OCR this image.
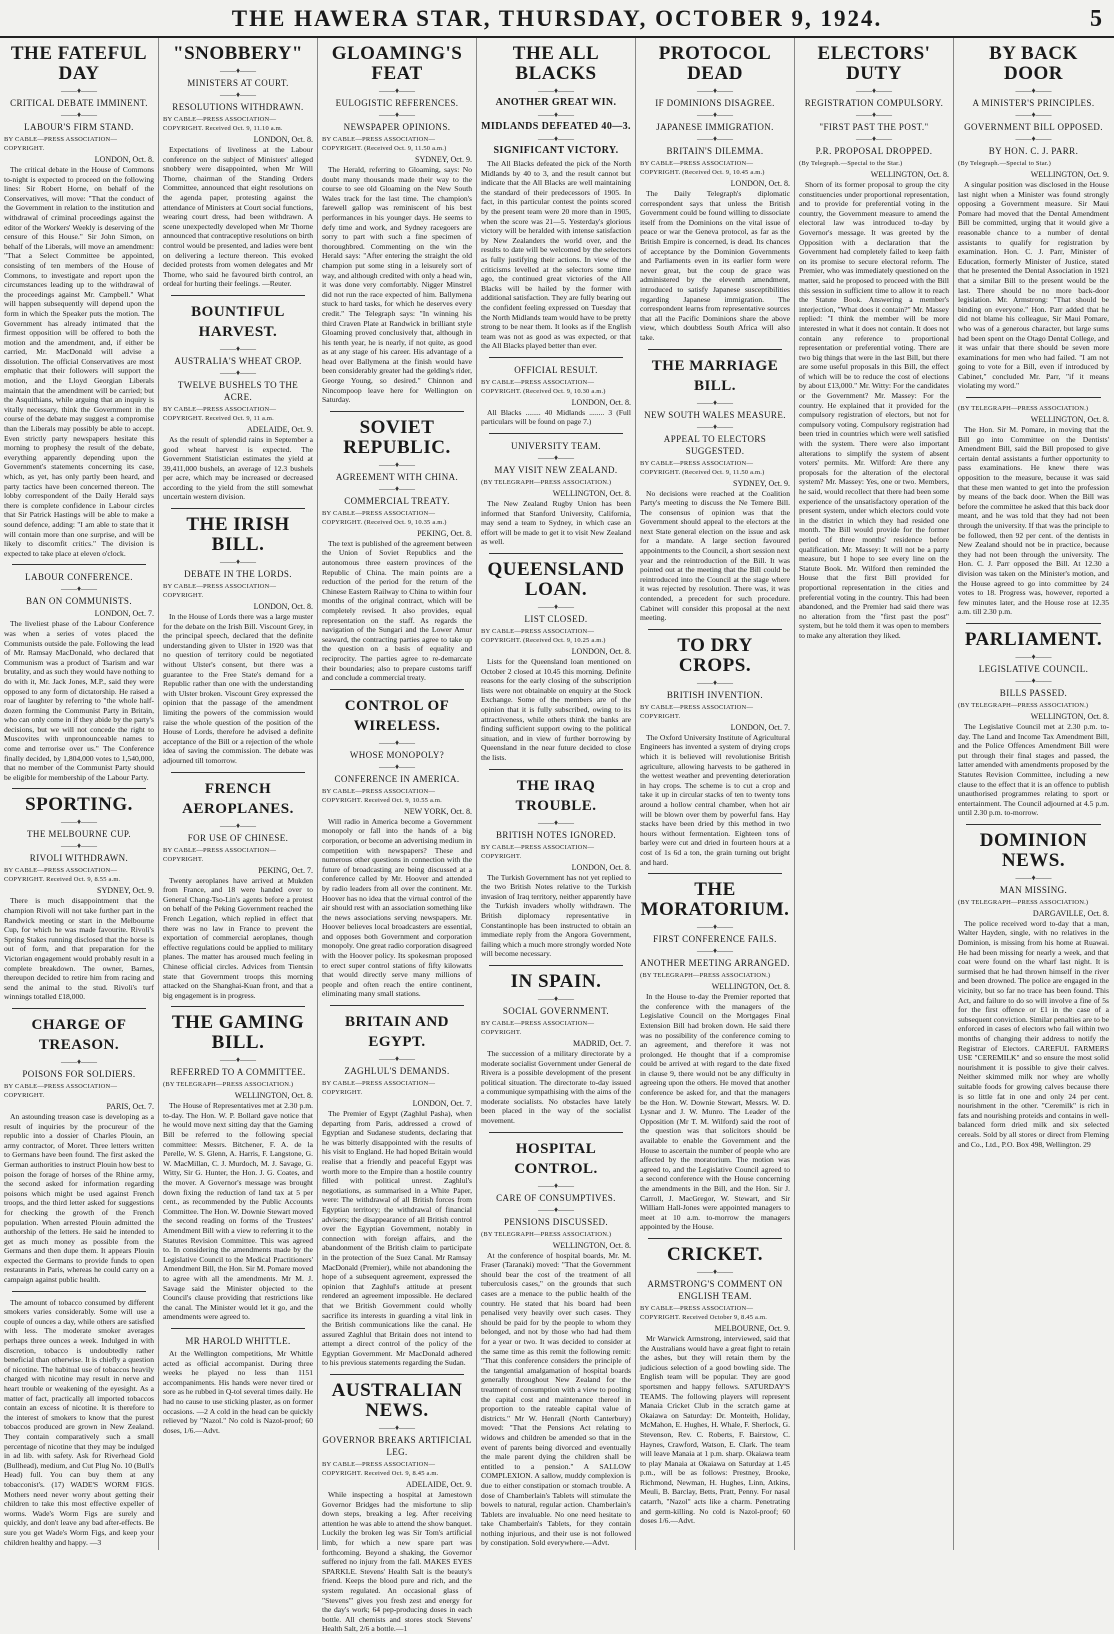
THE HAWERA STAR, THURSDAY, OCTOBER 9, 1924.	5
THE FATEFUL DAY
——♦——
CRITICAL DEBATE IMMINENT.
——♦——
LABOUR'S FIRM STAND.
BY CABLE—PRESS ASSOCIATION—COPYRIGHT.
LONDON, Oct. 8.
The critical debate in the House of Commons to-night is expected to proceed on the following lines: Sir Robert Horne, on behalf of the Conservatives, will move: "That the conduct of the Government in relation to the institution and withdrawal of criminal proceedings against the editor of the Workers' Weekly is deserving of the censure of this House." Sir John Simon, on behalf of the Liberals, will move an amendment: "That a Select Committee be appointed, consisting of ten members of the House of Commons, to investigate and report upon the circumstances leading up to the withdrawal of the proceedings against Mr. Campbell." What will happen subsequently will depend upon the form in which the Speaker puts the motion. The Government has already intimated that the firmest opposition will be offered to both the motion and the amendment, and, if either be carried, Mr. MacDonald will advise a dissolution. The official Conservatives are most emphatic that their followers will support the motion, and the Lloyd Georgian Liberals maintain that the amendment will be carried; but the Asquithians, while arguing that an inquiry is vitally necessary, think the Government in the course of the debate may suggest a compromise than the Liberals may possibly be able to accept. Even strictly party newspapers hesitate this morning to prophesy the result of the debate, everything apparently depending upon the Government's statements concerning its case, which, as yet, has only partly been heard, and party tactics have been concerned thereon. The lobby correspondent of the Daily Herald says there is complete confidence in Labour circles that Sir Patrick Hastings will be able to make a sound defence, adding: "I am able to state that it will contain more than one surprise, and will be likely to discomfit critics." The division is expected to take place at eleven o'clock.
LABOUR CONFERENCE.
——♦——
BAN ON COMMUNISTS.
LONDON, Oct. 7.
The liveliest phase of the Labour Conference was when a series of votes placed the Communists outside the pale. Following the lead of Mr. Ramsay MacDonald, who declared that Communism was a product of Tsarism and war brutality, and as such they would have nothing to do with it, Mr. Jack Jones, M.P., said they were opposed to any form of dictatorship. He raised a roar of laughter by referring to "the whole half-dozen forming the Communist Party in Britain, who can only come in if they abide by the party's decisions, but we will not concede the right to Muscovites with unpronounceable names to come and terrorise over us." The Conference finally decided, by 1,804,000 votes to 1,540,000, that no member of the Communist Party should be eligible for membership of the Labour Party.
SPORTING.
——♦——
THE MELBOURNE CUP.
——♦——
RIVOLI WITHDRAWN.
BY CABLE—PRESS ASSOCIATION—COPYRIGHT. Received Oct. 9, 8.55 a.m.
SYDNEY, Oct. 9.
There is much disappointment that the champion Rivoli will not take further part in the Randwick meeting or start in the Melbourne Cup, for which he was made favourite. Rivoli's Spring Stakes running disclosed that the horse is out of form, and that preparation for the Victorian engagement would probably result in a complete breakdown. The owner, Barnes, thereupon decided to retire him from racing and send the animal to the stud. Rivoli's turf winnings totalled £18,000.
CHARGE OF TREASON.
——♦——
POISONS FOR SOLDIERS.
BY CABLE—PRESS ASSOCIATION—COPYRIGHT.
PARIS, Oct. 7.
An astounding treason case is developing as a result of inquiries by the procureur of the republic into a dossier of Charles Plouin, an army contractor, of Moret. Three letters written to Germans have been found. The first asked the German authorities to instruct Plouin how best to poison the forage of horses of the Rhine army, the second asked for information regarding poisons which might be used against French troops, and the third letter asked for suggestions for checking the growth of the French population. When arrested Plouin admitted the authorship of the letters. He said he intended to get as much money as possible from the Germans and then dupe them. It appears Plouin expected the Germans to provide funds to open restaurants in Paris, whereas he could carry on a campaign against public health.
The amount of tobacco consumed by different smokers varies considerably. Some will use a couple of ounces a day, while others are satisfied with less. The moderate smoker averages perhaps three ounces a week. Indulged in with discretion, tobacco is undoubtedly rather beneficial than otherwise. It is chiefly a question of nicotine. The habitual use of tobaccos heavily charged with nicotine may result in nerve and heart trouble or weakening of the eyesight. As a matter of fact, practically all imported tobaccos contain an excess of nicotine. It is therefore to the interest of smokers to know that the purest tobaccos produced are grown in New Zealand. They contain comparatively such a small percentage of nicotine that they may be indulged in ad lib. with safety. Ask for Riverhead Gold (Bullhead), medium, and Cut Plug No. 10 (Bull's Head) full. You can buy them at any tobacconist's. (17) WADE'S WORM FIGS. Mothers need never worry about getting their children to take this most effective expeller of worms. Wade's Worm Figs are surely and quickly, and don't leave any bad after-effects. Be sure you get Wade's Worm Figs, and keep your children healthy and happy. —3
"SNOBBERY"
——♦——
MINISTERS AT COURT.
——♦——
RESOLUTIONS WITHDRAWN.
BY CABLE—PRESS ASSOCIATION—COPYRIGHT. Received Oct. 9, 11.10 a.m.
LONDON, Oct. 8.
Expectations of liveliness at the Labour conference on the subject of Ministers' alleged snobbery were disappointed, when Mr Will Thorne, chairman of the Standing Orders Committee, announced that eight resolutions on the agenda paper, protesting against the attendance of Ministers at Court social functions, wearing court dress, had been withdrawn. A scene unexpectedly developed when Mr Thorne announced that contraceptive resolutions on birth control would be presented, and ladies were bent on delivering a lecture thereon. This evoked decided protests from women delegates and Mr Thorne, who said he favoured birth control, an ordeal for hurting their feelings. —Reuter.
BOUNTIFUL HARVEST.
——♦——
AUSTRALIA'S WHEAT CROP.
——♦——
TWELVE BUSHELS TO THE ACRE.
BY CABLE—PRESS ASSOCIATION—COPYRIGHT. Received Oct. 9, 11 a.m.
ADELAIDE, Oct. 9.
As the result of splendid rains in September a good wheat harvest is expected. The Government Statistician estimates the yield at 39,411,000 bushels, an average of 12.3 bushels per acre, which may be increased or decreased according to the yield from the still somewhat uncertain western division.
THE IRISH BILL.
——♦——
DEBATE IN THE LORDS.
BY CABLE—PRESS ASSOCIATION—COPYRIGHT.
LONDON, Oct. 8.
In the House of Lords there was a large muster for the debate on the Irish Bill. Viscount Grey, in the principal speech, declared that the definite understanding given to Ulster in 1920 was that no question of territory could be negotiated without Ulster's consent, but there was a guarantee to the Free State's demand for a Republic rather than one with the understanding with Ulster broken. Viscount Grey expressed the opinion that the passage of the amendment limiting the powers of the commission would raise the whole question of the position of the House of Lords, therefore he advised a definite acceptance of the Bill or a rejection of the whole idea of saving the commission. The debate was adjourned till tomorrow.
FRENCH AEROPLANES.
——♦——
FOR USE OF CHINESE.
BY CABLE—PRESS ASSOCIATION—COPYRIGHT.
PEKING, Oct. 7.
Twenty aeroplanes have arrived at Mukden from France, and 18 were handed over to General Chang-Tso-Lin's agents before a protest on behalf of the Peking Government reached the French Legation, which replied in effect that there was no law in France to prevent the exportation of commercial aeroplanes, though effective regulations could be applied to military planes. The matter has aroused much feeling in Chinese official circles. Advices from Tientsin state that Government troops this morning attacked on the Shanghai-Kuan front, and that a big engagement is in progress.
THE GAMING BILL.
——♦——
REFERRED TO A COMMITTEE.
(BY TELEGRAPH—PRESS ASSOCIATION.)
WELLINGTON, Oct. 8.
The House of Representatives met at 2.30 p.m. to-day. The Hon. W. P. Bollard gave notice that he would move next sitting day that the Gaming Bill be referred to the following special committee: Messrs. Bitchener, F. A. de la Perelle, W. S. Glenn, A. Harris, F. Langstone, G. W. MacMillan, C. J. Murdoch, M. J. Savage, G. Witty, Sir G. Hunter, the Hon. J. G. Coates, and the mover. A Governor's message was brought down fixing the reduction of land tax at 5 per cent., as recommended by the Public Accounts Committee. The Hon. W. Downie Stewart moved the second reading on forms of the Trustees' Amendment Bill with a view to referring it to the Statutes Revision Committee. This was agreed to. In considering the amendments made by the Legislative Council to the Medical Practitioners' Amendment Bill, the Hon. Sir M. Pomare moved to agree with all the amendments. Mr M. J. Savage said the Minister objected to the Council's clause providing that restrictions like the canal. The Minister would let it go, and the amendments were agreed to.
MR HAROLD WHITTLE.
At the Wellington competitions, Mr Whittle acted as official accompanist. During three weeks he played no less than 1151 accompaniments. His hands were never tired or sore as he rubbed in Q-tol several times daily. He had no cause to use sticking plaster, as on former occasions. —2 A cold in the head can be quickly relieved by "Nazol." No cold is Nazol-proof; 60 doses, 1/6.—Advt.
GLOAMING'S FEAT
——♦——
EULOGISTIC REFERENCES.
——♦——
NEWSPAPER OPINIONS.
BY CABLE—PRESS ASSOCIATION—COPYRIGHT. (Received Oct. 9, 11.50 a.m.)
SYDNEY, Oct. 9.
The Herald, referring to Gloaming, says: No doubt many thousands made their way to the course to see old Gloaming on the New South Wales track for the last time. The champion's farewell gallop was reminiscent of his best performances in his younger days. He seems to defy time and work, and Sydney racegoers are sorry to part with such a fine specimen of thoroughbred. Commenting on the win the Herald says: "After entering the straight the old champion put some sting in a leisurely sort of way, and although credited with only a head win, it was done very comfortably. Nigger Minstrel did not run the race expected of him. Ballymena stuck to hard tasks, for which he deserves every credit." The Telegraph says: "In winning his third Craven Plate at Randwick in brilliant style Gloaming proved conclusively that, although in his tenth year, he is nearly, if not quite, as good as at any stage of his career. His advantage of a head over Ballymena at the finish would have been considerably greater had the gelding's rider, George Young, so desired." Chinnon and Nincompoop leave here for Wellington on Saturday.
SOVIET REPUBLIC.
——♦——
AGREEMENT WITH CHINA.
——♦——
COMMERCIAL TREATY.
BY CABLE—PRESS ASSOCIATION—COPYRIGHT. (Received Oct. 9, 10.35 a.m.)
PEKING, Oct. 8.
The text is published of the agreement between the Union of Soviet Republics and the autonomous three eastern provinces of the Republic of China. The main points are a reduction of the period for the return of the Chinese Eastern Railway to China to within four months of the original contract, which will be completely revised. It also provides, equal representation on the staff. As regards the navigation of the Sungari and the Lower Amur seaward, the contracting parties agree to take up the question on a basis of equality and reciprocity. The parties agree to re-demarcate their boundaries; also to prepare customs tariff and conclude a commercial treaty.
CONTROL OF WIRELESS.
——♦——
WHOSE MONOPOLY?
——♦——
CONFERENCE IN AMERICA.
BY CABLE—PRESS ASSOCIATION—COPYRIGHT. Received Oct. 9, 10.55 a.m.
NEW YORK, Oct. 8.
Will radio in America become a Government monopoly or fall into the hands of a big corporation, or become an advertising medium in competition with newspapers? These and numerous other questions in connection with the future of broadcasting are being discussed at a conference called by Mr. Hoover and attended by radio leaders from all over the continent. Mr. Hoover has no idea that the virtual control of the air should rest with an association something like the news associations serving newspapers. Mr. Hoover believes local broadcasters are essential, and opposes both Government and corporation monopoly. One great radio corporation disagreed with the Hoover policy. Its spokesman proposed to erect super control stations of fifty kilowatts that would directly serve many millions of people and often reach the entire continent, eliminating many small stations.
BRITAIN AND EGYPT.
——♦——
ZAGHLUL'S DEMANDS.
BY CABLE—PRESS ASSOCIATION—COPYRIGHT.
LONDON, Oct. 7.
The Premier of Egypt (Zaghlul Pasha), when departing from Paris, addressed a crowd of Egyptian and Sudanese students, declaring that he was bitterly disappointed with the results of his visit to England. He had hoped Britain would realise that a friendly and peaceful Egypt was worth more to the Empire than a hostile country filled with political unrest. Zaghlul's negotiations, as summarised in a White Paper, were: The withdrawal of all British forces from Egyptian territory; the withdrawal of financial advisers; the disappearance of all British control over the Egyptian Government, notably in connection with foreign affairs, and the abandonment of the British claim to participate in the protection of the Suez Canal. Mr Ramsay MacDonald (Premier), while not abandoning the hope of a subsequent agreement, expressed the opinion that Zaghlul's attitude at present rendered an agreement impossible. He declared that we British Government could wholly sacrifice its interests in guarding a vital link in the British communications like the canal. He assured Zaghlul that Britain does not intend to attempt a direct control of the policy of the Egyptian Government. Mr MacDonald adhered to his previous statements regarding the Sudan.
AUSTRALIAN NEWS.
——♦——
GOVERNOR BREAKS ARTIFICIAL LEG.
BY CABLE—PRESS ASSOCIATION—COPYRIGHT. Received Oct. 9, 8.45 a.m.
ADELAIDE, Oct. 9.
While inspecting a hospital at Jamestown Governor Bridges had the misfortune to slip down steps, breaking a leg. After receiving attention he was able to attend the show banquet. Luckily the broken leg was Sir Tom's artificial limb, for which a new spare part was forthcoming. Beyond a shaking, the Governor suffered no injury from the fall. MAKES EYES SPARKLE. Stevens' Health Salt is the beauty's friend. Keeps the blood pure and rich, and the system regulated. An occasional glass of "Stevens'" gives you fresh zest and energy for the day's work; 64 pep-producing doses in each bottle. All chemists and stores stock Stevens' Health Salt, 2/6 a bottle.—1
THE ALL BLACKS
——♦——
ANOTHER GREAT WIN.
——♦——
MIDLANDS DEFEATED 40—3.
——♦——
SIGNIFICANT VICTORY.
The All Blacks defeated the pick of the North Midlands by 40 to 3, and the result cannot but indicate that the All Blacks are well maintaining the standard of their predecessors of 1905. In fact, in this particular contest the points scored by the present team were 20 more than in 1905, when the score was 21—5. Yesterday's glorious victory will be heralded with intense satisfaction by New Zealanders the world over, and the results to date will be welcomed by the selectors as fully justifying their actions. In view of the criticisms levelled at the selectors some time ago, the continued great victories of the All Blacks will be hailed by the former with additional satisfaction. They are fully bearing out the confident feeling expressed on Tuesday that the North Midlands team would have to be pretty strong to be near them. It looks as if the English team was not as good as was expected, or that the All Blacks played better than ever.
OFFICIAL RESULT.
BY CABLE—PRESS ASSOCIATION—COPYRIGHT. (Received Oct. 9, 10.30 a.m.)
LONDON, Oct. 8.
All Blacks ........ 40 Midlands ........ 3 (Full particulars will be found on page 7.)
UNIVERSITY TEAM.
——♦——
MAY VISIT NEW ZEALAND.
(BY TELEGRAPH—PRESS ASSOCIATION.)
WELLINGTON, Oct. 8.
The New Zealand Rugby Union has been informed that Stanford University, California, may send a team to Sydney, in which case an effort will be made to get it to visit New Zealand as well.
QUEENSLAND LOAN.
——♦——
LIST CLOSED.
BY CABLE—PRESS ASSOCIATION—COPYRIGHT. (Received Oct. 9, 10.25 a.m.)
LONDON, Oct. 8.
Lists for the Queensland loan mentioned on October 2 closed at 10.45 this morning. Definite reasons for the early closing of the subscription lists were not obtainable on enquiry at the Stock Exchange. Some of the members are of the opinion that it is fully subscribed, owing to its attractiveness, while others think the banks are finding sufficient support owing to the political situation, and in view of further borrowing by Queensland in the near future decided to close the lists.
THE IRAQ TROUBLE.
——♦——
BRITISH NOTES IGNORED.
BY CABLE—PRESS ASSOCIATION—COPYRIGHT.
LONDON, Oct. 8.
The Turkish Government has not yet replied to the two British Notes relative to the Turkish invasion of Iraq territory, neither apparently have the Turkish invaders wholly withdrawn. The British diplomacy representative in Constantinople has been instructed to obtain an immediate reply from the Angora Government, failing which a much more strongly worded Note will become necessary.
IN SPAIN.
——♦——
SOCIAL GOVERNMENT.
BY CABLE—PRESS ASSOCIATION—COPYRIGHT.
MADRID, Oct. 7.
The succession of a military directorate by a moderate socialist Government under General de Rivera is a possible development of the present political situation. The directorate to-day issued a communique sympathising with the aims of the moderate socialists. No obstacles have lately been placed in the way of the socialist movement.
HOSPITAL CONTROL.
——♦——
CARE OF CONSUMPTIVES.
——♦——
PENSIONS DISCUSSED.
(BY TELEGRAPH—PRESS ASSOCIATION.)
WELLINGTON, Oct. 8.
At the conference of hospital boards, Mr. M. Fraser (Taranaki) moved: "That the Government should bear the cost of the treatment of all tuberculosis cases," on the grounds that such cases are a menace to the public health of the country. He stated that his board had been penalised very heavily over such cases. They should be paid for by the people to whom they belonged, and not by those who had had them for a year or two. It was decided to consider at the same time as this remit the following remit: "That this conference considers the principle of the tangential amalgamation of hospital boards generally throughout New Zealand for the treatment of consumption with a view to pooling the capital cost and maintenance thereof in proportion to the rateable capital value of districts." Mr W. Henrall (North Canterbury) moved: "That the Pensions Act relating to widows and children be amended so that in the event of parents being divorced and eventually the male parent dying the children shall be entitled to a pension." A SALLOW COMPLEXION. A sallow, muddy complexion is due to either constipation or stomach trouble. A dose of Chamberlain's Tablets will stimulate the bowels to natural, regular action. Chamberlain's Tablets are invaluable. No one need hesitate to take Chamberlain's Tablets, for they contain nothing injurious, and their use is not followed by constipation. Sold everywhere.—Advt.
PROTOCOL DEAD
——♦——
IF DOMINIONS DISAGREE.
——♦——
JAPANESE IMMIGRATION.
——♦——
BRITAIN'S DILEMMA.
BY CABLE—PRESS ASSOCIATION—COPYRIGHT. (Received Oct. 9, 10.45 a.m.)
LONDON, Oct. 8.
The Daily Telegraph's diplomatic correspondent says that unless the British Government could be found willing to dissociate itself from the Dominions on the vital issue of peace or war the Geneva protocol, as far as the British Empire is concerned, is dead. Its chances of acceptance by the Dominion Governments and Parliaments even in its earlier form were never great, but the coup de grace was administered by the eleventh amendment, introduced to satisfy Japanese susceptibilities regarding Japanese immigration. The correspondent learns from representative sources that all the Pacific Dominions share the above view, which doubtless South Africa will also take.
THE MARRIAGE BILL.
——♦——
NEW SOUTH WALES MEASURE.
——♦——
APPEAL TO ELECTORS SUGGESTED.
BY CABLE—PRESS ASSOCIATION—COPYRIGHT. (Received Oct. 9, 11.50 a.m.)
SYDNEY, Oct. 9.
No decisions were reached at the Coalition Party's meeting to discuss the Ne Temere Bill. The consensus of opinion was that the Government should appeal to the electors at the next State general election on the issue and ask for a mandate. A large section favoured appointments to the Council, a short session next year and the reintroduction of the Bill. It was pointed out at the meeting that the Bill could be reintroduced into the Council at the stage where it was rejected by resolution. There was, it was contended, a precedent for such procedure. Cabinet will consider this proposal at the next meeting.
TO DRY CROPS.
——♦——
BRITISH INVENTION.
BY CABLE—PRESS ASSOCIATION—COPYRIGHT.
LONDON, Oct. 7.
The Oxford University Institute of Agricultural Engineers has invented a system of drying crops which it is believed will revolutionise British agriculture, allowing harvests to be gathered in the wettest weather and preventing deterioration in hay crops. The scheme is to cut a crop and take it up in circular stacks of ten to twenty tons around a hollow central chamber, when hot air will be blown over them by powerful fans. Hay stacks have been dried by this method in two hours without fermentation. Eighteen tons of barley were cut and dried in fourteen hours at a cost of 1s 6d a ton, the grain turning out bright and hard.
THE MORATORIUM.
——♦——
FIRST CONFERENCE FAILS.
——♦——
ANOTHER MEETING ARRANGED.
(BY TELEGRAPH—PRESS ASSOCIATION.)
WELLINGTON, Oct. 8.
In the House to-day the Premier reported that the conference with the managers of the Legislative Council on the Mortgages Final Extension Bill had broken down. He said there was no possibility of the conference coming to an agreement, and therefore it was not prolonged. He thought that if a compromise could be arrived at with regard to the date fixed in clause 9, there would not be any difficulty in agreeing upon the others. He moved that another conference be asked for, and that the managers be the Hon. W. Downie Stewart, Messrs. W. D. Lysnar and J. W. Munro. The Leader of the Opposition (Mr T. M. Wilford) said the root of the question was that solicitors should be available to enable the Government and the House to ascertain the number of people who are affected by the moratorium. The motion was agreed to, and the Legislative Council agreed to a second conference with the House concerning the amendments in the Bill, and the Hon. Sir J. Carroll, J. MacGregor, W. Stewart, and Sir William Hall-Jones were appointed managers to meet at 10 a.m. to-morrow the managers appointed by the House.
CRICKET.
——♦——
ARMSTRONG'S COMMENT ON ENGLISH TEAM.
BY CABLE—PRESS ASSOCIATION—COPYRIGHT. Received October 9, 8.45 a.m.
MELBOURNE, Oct. 9.
Mr Warwick Armstrong, interviewed, said that the Australians would have a great fight to retain the ashes, but they will retain them by the judicious selection of a good bowling side. The English team will be popular. They are good sportsmen and happy fellows. SATURDAY'S TEAMS. The following players will represent Manaia Cricket Club in the scratch game at Okaiawa on Saturday: Dr. Monteith, Holiday, McMahon, E. Hughes, H. Whale, F. Sherlock, G. Stevenson, Rev. C. Roberts, F. Bairstow, C. Haynes, Crawford, Watson, E. Clark. The team will leave Manaia at 1 p.m. sharp. Okaiawa team to play Manaia at Okaiawa on Saturday at 1.45 p.m., will be as follows: Prestney, Brooke, Richmond, Newman, H. Hughes, Linn, Atkins, Meuli, B. Barclay, Betts, Pratt, Penny. For nasal catarrh, "Nazol" acts like a charm. Penetrating and germ-killing. No cold is Nazol-proof; 60 doses 1/6.—Advt.
ELECTORS' DUTY
——♦——
REGISTRATION COMPULSORY.
——♦——
"FIRST PAST THE POST."
——♦——
P.R. PROPOSAL DROPPED.
(By Telegraph.—Special to the Star.)
WELLINGTON, Oct. 8.
Shorn of its former proposal to group the city constituencies under proportional representation, and to provide for preferential voting in the country, the Government measure to amend the electoral law was introduced to-day by Governor's message. It was greeted by the Opposition with a declaration that the Government had completely failed to keep faith on its promise to secure electoral reform. The Premier, who was immediately questioned on the matter, said he proposed to proceed with the Bill this session in sufficient time to allow it to reach the Statute Book. Answering a member's interjection, "What does it contain?" Mr. Massey replied: "I think the member will be more interested in what it does not contain. It does not contain any reference to proportional representation or preferential voting. There are two big things that were in the last Bill, but there are some useful proposals in this Bill, the effect of which will be to reduce the cost of elections by about £13,000." Mr. Witty: For the candidates or the Government? Mr. Massey: For the country. He explained that it provided for the compulsory registration of electors, but not for compulsory voting. Compulsory registration had been tried in countries which were well satisfied with the system. There were also important alterations to simplify the system of absent voters' permits. Mr. Wilford: Are there any proposals for the alteration of the electoral system? Mr. Massey: Yes, one or two. Members, he said, would recollect that there had been some experience of the unsatisfactory operation of the present system, under which electors could vote in the district in which they had resided one month. The Bill would provide for the former period of three months' residence before qualification. Mr. Massey: It will not be a party measure, but I hope to see every line on the Statute Book. Mr. Wilford then reminded the House that the first Bill provided for proportional representation in the cities and preferential voting in the country. This had been abandoned, and the Premier had said there was no alteration from the "first past the post" system, but he told them it was open to members to make any alteration they liked.
BY BACK DOOR
——♦——
A MINISTER'S PRINCIPLES.
——♦——
GOVERNMENT BILL OPPOSED.
——♦——
BY HON. C. J. PARR.
(By Telegraph.—Special to Star.)
WELLINGTON, Oct. 9.
A singular position was disclosed in the House last night when a Minister was found strongly opposing a Government measure. Sir Maui Pomare had moved that the Dental Amendment Bill be committed, urging that it would give a reasonable chance to a number of dental assistants to qualify for registration by examination. Hon. C. J. Parr, Minister of Education, formerly Minister of Justice, stated that he presented the Dental Association in 1921 that a similar Bill to the present would be the last. There should be no more back-door legislation. Mr. Armstrong: "That should be binding on everyone." Hon. Parr added that he did not blame his colleague, Sir Maui Pomare, who was of a generous character, but large sums had been spent on the Otago Dental College, and it was unfair that there should be seven more examinations for men who had failed. "I am not going to vote for a Bill, even if introduced by Cabinet," concluded Mr. Parr, "if it means violating my word."
(BY TELEGRAPH—PRESS ASSOCIATION.)
WELLINGTON, Oct. 8.
The Hon. Sir M. Pomare, in moving that the Bill go into Committee on the Dentists' Amendment Bill, said the Bill proposed to give certain dental assistants a further opportunity to pass examinations. He knew there was opposition to the measure, because it was said that these men wanted to get into the profession by means of the back door. When the Bill was before the committee he asked that this back door meant, and he was told that they had not been through the university. If that was the principle to be followed, then 92 per cent. of the dentists in New Zealand should not be in practice, because they had not been through the university. The Hon. C. J. Parr opposed the Bill. At 12.30 a division was taken on the Minister's motion, and the House agreed to go into committee by 24 votes to 18. Progress was, however, reported a few minutes later, and the House rose at 12.35 a.m. till 2.30 p.m.
PARLIAMENT.
——♦——
LEGISLATIVE COUNCIL.
——♦——
BILLS PASSED.
(BY TELEGRAPH—PRESS ASSOCIATION.)
WELLINGTON, Oct. 8.
The Legislative Council met at 2.30 p.m. to-day. The Land and Income Tax Amendment Bill, and the Police Offences Amendment Bill were put through their final stages and passed, the latter amended with amendments proposed by the Statutes Revision Committee, including a new clause to the effect that it is an offence to publish unauthorised programmes relating to sport or entertainment. The Council adjourned at 4.5 p.m. until 2.30 p.m. to-morrow.
DOMINION NEWS.
——♦——
MAN MISSING.
(BY TELEGRAPH—PRESS ASSOCIATION.)
DARGAVILLE, Oct. 8.
The police received word to-day that a man, Walter Hayden, single, with no relatives in the Dominion, is missing from his home at Ruawai. He had been missing for nearly a week, and that coat were found on the wharf last night. It is surmised that he had thrown himself in the river and been drowned. The police are engaged in the vicinity, but so far no trace has been found. This Act, and failure to do so will involve a fine of 5s for the first offence or £1 in the case of a subsequent conviction. Similar penalties are to be enforced in cases of electors who fail within two months of changing their address to notify the Registrar of Electors. CAREFUL FARMERS USE "CEREMILK" and so ensure the most solid nourishment it is possible to give their calves. Neither skimmed milk nor whey are wholly suitable foods for growing calves because there is so little fat in one and only 24 per cent. nourishment in the other. "Ceremilk" is rich in fats and nourishing proteids and contains in well-balanced form dried milk and six selected cereals. Sold by all stores or direct from Fleming and Co., Ltd., P.O. Box 498, Wellington. 29
